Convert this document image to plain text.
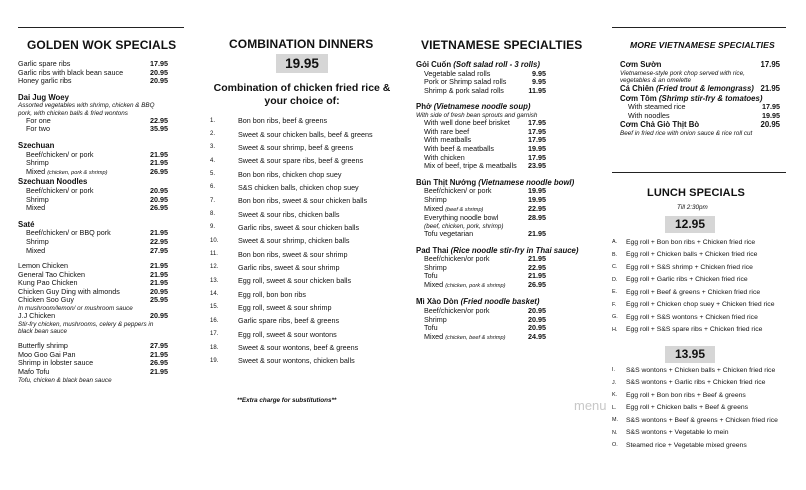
GOLDEN WOK SPECIALS
Garlic spare ribs	17.95
Garlic ribs with black bean sauce	20.95
Honey garlic ribs	20.95
Dai Jug Woey
Assorted vegetables with shrimp, chicken & BBQ pork, with chicken balls & fried wontons
For one	22.95
For two	35.95
Szechuan
Beef/chicken/ or pork	21.95
Shrimp	21.95
Mixed (chicken, pork & shrimp)	26.95
Szechuan Noodles
Beef/chicken/ or pork	20.95
Shrimp	20.95
Mixed	26.95
Saté
Beef/chicken/ or BBQ pork	21.95
Shrimp	22.95
Mixed	27.95
Lemon Chicken	21.95
General Tao Chicken	21.95
Kung Pao Chicken	21.95
Chicken Guy Ding with almonds	20.95
Chicken Soo Guy	25.95
In mushroom/lemon/ or mushroom sauce
J.J Chicken	20.95
Stir-fry chicken, mushrooms, celery & peppers in black bean sauce
Butterfly shrimp	27.95
Moo Goo Gai Pan	21.95
Shrimp in lobster sauce	26.95
Mafo Tofu	21.95
Tofu, chicken & black bean sauce
COMBINATION DINNERS
19.95
Combination of chicken fried rice & your choice of:
1.	Bon bon ribs, beef & greens
2.	Sweet & sour chicken balls, beef & greens
3.	Sweet & sour shrimp, beef & greens
4.	Sweet & sour spare ribs, beef & greens
5.	Bon bon ribs, chicken chop suey
6.	S&S chicken balls, chicken chop suey
7.	Bon bon ribs, sweet & sour chicken balls
8.	Sweet & sour ribs, chicken balls
9.	Garlic ribs, sweet & sour chicken balls
10.	Sweet & sour shrimp, chicken balls
11.	Bon bon ribs, sweet & sour shrimp
12.	Garlic ribs, sweet & sour shrimp
13.	Egg roll, sweet & sour chicken balls
14.	Egg roll, bon bon ribs
15.	Egg roll, sweet & sour shrimp
16.	Garlic spare ribs, beef & greens
17.	Egg roll, sweet & sour wontons
18.	Sweet & sour wontons, beef & greens
19.	Sweet & sour wontons, chicken balls
**Extra charge for substitutions**
VIETNAMESE SPECIALTIES
Gỏi Cuốn (Soft salad roll - 3 rolls)
Vegetable salad rolls	9.95
Pork or Shrimp salad rolls	9.95
Shrimp & pork salad rolls	11.95
Phở (Vietnamese noodle soup)
With side of fresh bean sprouts and garnish
With well done beef brisket	17.95
With rare beef	17.95
With meatballs	17.95
With beef & meatballs	19.95
With chicken	17.95
Mix of beef, tripe & meatballs 23.95
Bún Thịt Nướng (Vietnamese noodle bowl)
Beef/chicken/ or pork	19.95
Shrimp	19.95
Mixed (beef & shrimp)	22.95
Everything noodle bowl	28.95
(beef, chicken, pork, shrimp)
Tofu vegetarian	21.95
Pad Thai (Rice noodle stir-fry in Thai sauce)
Beef/chicken/or pork	21.95
Shrimp	22.95
Tofu	21.95
Mixed (chicken, pork & shrimp)	26.95
Mì Xào Dòn (Fried noodle basket)
Beef/chicken/or pork	20.95
Shrimp	20.95
Tofu	20.95
Mixed (chicken, beef & shrimp)	24.95
MORE VIETNAMESE SPECIALTIES
Cơm Sườn	17.95
Vietnamese-style pork chop served with rice, vegetables & an omelette
Cá Chiên (Fried trout & lemongrass) 21.95
Cơm Tôm (Shrimp stir-fry & tomatoes)
With steamed rice	17.95
With noodles	19.95
Cơm Chả Giò Thịt Bò	20.95
Beef in fried rice with onion sauce & rice roll cut
LUNCH SPECIALS
Till 2:30pm
12.95
A.	Egg roll + Bon bon ribs + Chicken fried rice
B.	Egg roll + Chicken balls + Chicken fried rice
C.	Egg roll + S&S shrimp + Chicken fried rice
D.	Egg roll + Garlic ribs + Chicken fried rice
E.	Egg roll + Beef & greens + Chicken fried rice
F.	Egg roll + Chicken chop suey + Chicken fried rice
G.	Egg roll + S&S wontons + Chicken fried rice
H.	Egg roll + S&S spare ribs + Chicken fried rice
13.95
I.	S&S wontons + Chicken balls + Chicken fried rice
J.	S&S wontons + Garlic ribs + Chicken fried rice
K.	Egg roll + Bon bon ribs + Beef & greens
L.	Egg roll + Chicken balls + Beef & greens
M.	S&S wontons + Beef & greens + Chicken fried rice
N.	S&S wontons + Vegetable lo mein
O.	Steamed rice + Vegetable mixed greens
menu
